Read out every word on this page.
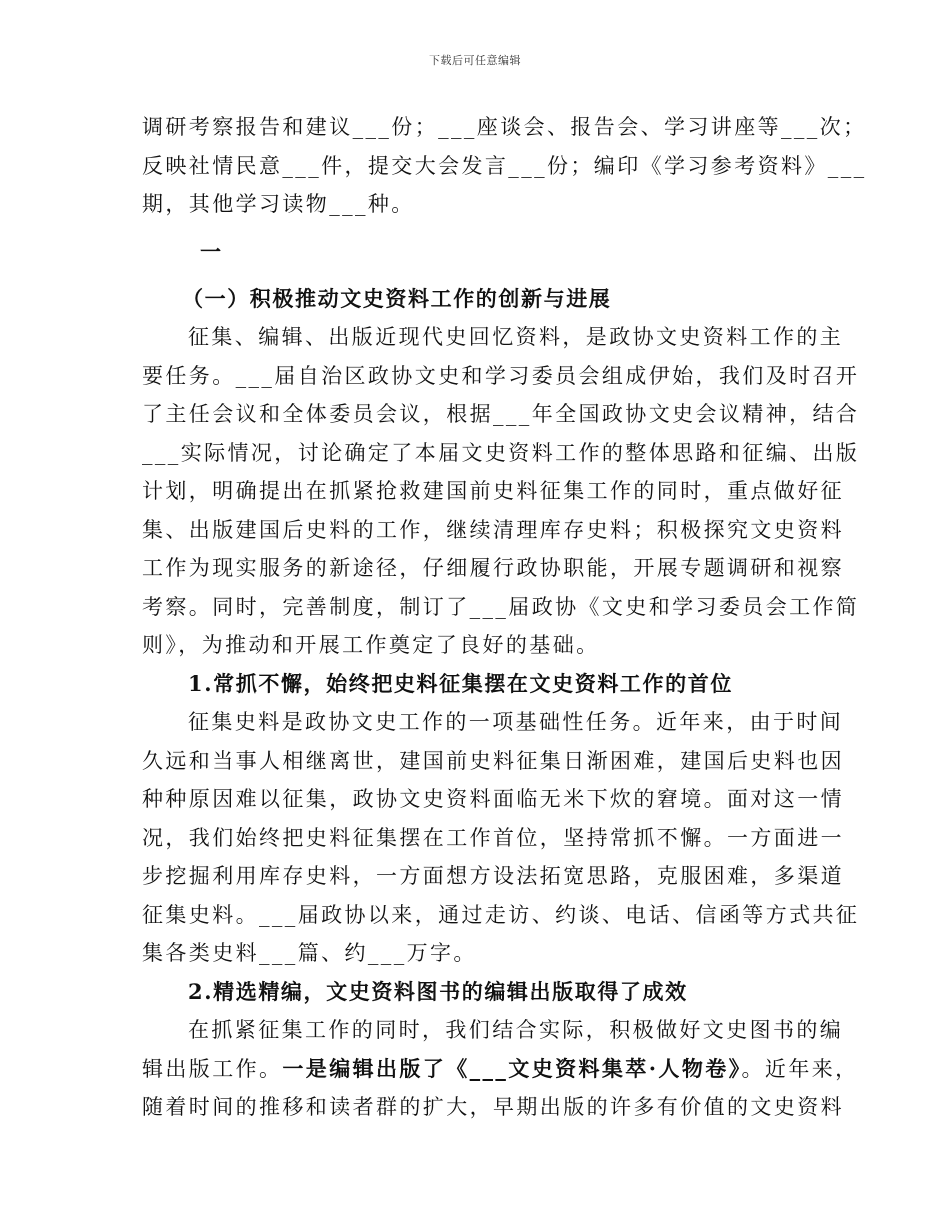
下载后可任意编辑
调研考察报告和建议___份；___座谈会、报告会、学习讲座等___次；
反映社情民意___件，提交大会发言___份；编印《学习参考资料》___
期，其他学习读物___种。
一
（一）积极推动文史资料工作的创新与进展
征集、编辑、出版近现代史回忆资料，是政协文史资料工作的主
要任务。___届自治区政协文史和学习委员会组成伊始，我们及时召开
了主任会议和全体委员会议，根据___年全国政协文史会议精神，结合
___实际情况，讨论确定了本届文史资料工作的整体思路和征编、出版
计划，明确提出在抓紧抢救建国前史料征集工作的同时，重点做好征
集、出版建国后史料的工作，继续清理库存史料；积极探究文史资料
工作为现实服务的新途径，仔细履行政协职能，开展专题调研和视察
考察。同时，完善制度，制订了___届政协《文史和学习委员会工作简
则》，为推动和开展工作奠定了良好的基础。
1.常抓不懈，始终把史料征集摆在文史资料工作的首位
征集史料是政协文史工作的一项基础性任务。近年来，由于时间
久远和当事人相继离世，建国前史料征集日渐困难，建国后史料也因
种种原因难以征集，政协文史资料面临无米下炊的窘境。面对这一情
况，我们始终把史料征集摆在工作首位，坚持常抓不懈。一方面进一
步挖掘利用库存史料，一方面想方设法拓宽思路，克服困难，多渠道
征集史料。___届政协以来，通过走访、约谈、电话、信函等方式共征
集各类史料___篇、约___万字。
2.精选精编，文史资料图书的编辑出版取得了成效
在抓紧征集工作的同时，我们结合实际，积极做好文史图书的编
辑出版工作。一是编辑出版了《___文史资料集萃·人物卷》。近年来，
随着时间的推移和读者群的扩大，早期出版的许多有价值的文史资料
